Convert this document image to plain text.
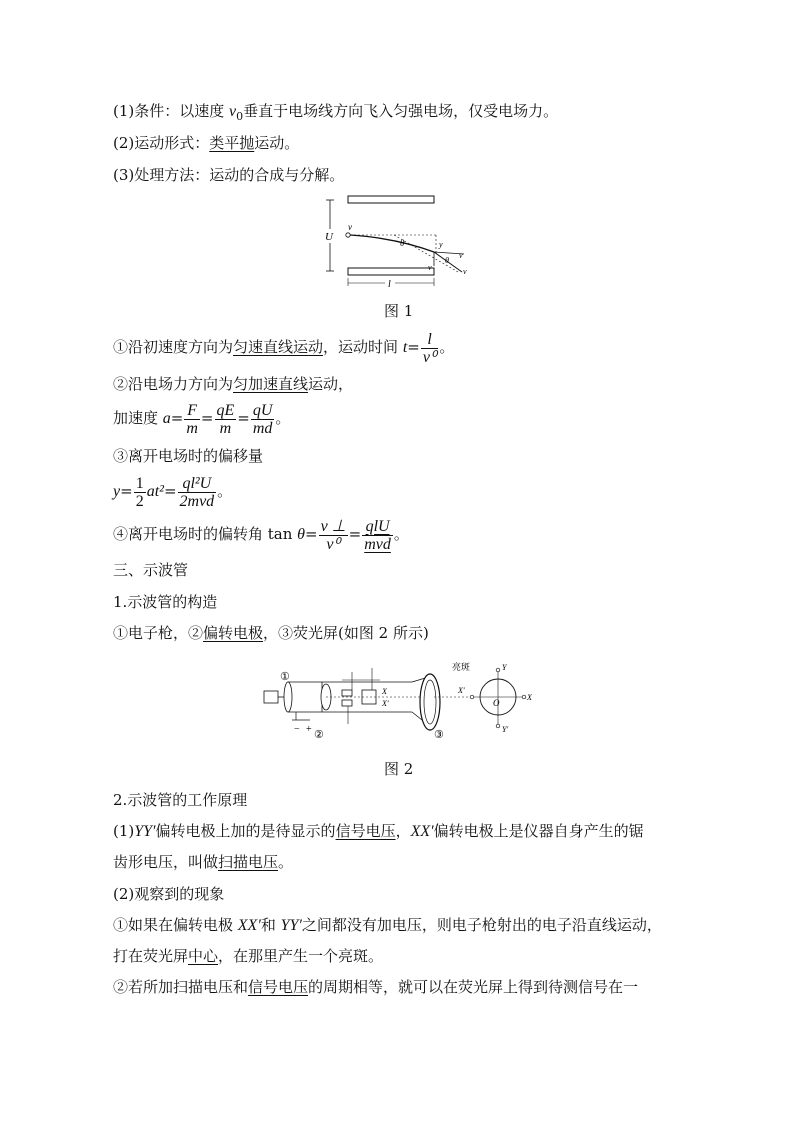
(1)条件：以速度 $v_0$垂直于电场线方向飞入匀强电场，仅受电场力。
(2)运动形式：类平抛运动。
(3)处理方法：运动的合成与分解。
U
v
θ	y
θ
v
v
v
l
图 1
①沿初速度方向为匀速直线运动，运动时间 $t= \frac{l}{\text{v⁰}}$ 。
②沿电场力方向为匀加速直线运动，
加速度 $a= \frac{F}{m} = \frac{qE}{m} = \frac{qU}{md}$ 。
③离开电场时的偏移量
$y= \frac{1}{2} at^2= \frac{\text{ql²U}}{\text{2mvd}}$ 。
④离开电场时的偏转角 $\tan \theta= \frac{v \perp}{\text{v⁰}} = \frac{\text{qlU}}{\text{mvd}}$ 。
三、示波管
1.示波管的构造
①电子枪，②偏转电极，③荧光屏(如图 2 所示)
①
②	③
亮斑
X
X′
X′
X
Y
Y′
O
− +
图 2
2.示波管的工作原理
(1)YY′偏转电极上加的是待显示的信号电压，XX′偏转电极上是仪器自身产生的锯
齿形电压，叫做扫描电压。
(2)观察到的现象
①如果在偏转电极 XX′和 YY′之间都没有加电压，则电子枪射出的电子沿直线运动，
打在荧光屏中心，在那里产生一个亮斑。
②若所加扫描电压和信号电压的周期相等，就可以在荧光屏上得到待测信号在一
